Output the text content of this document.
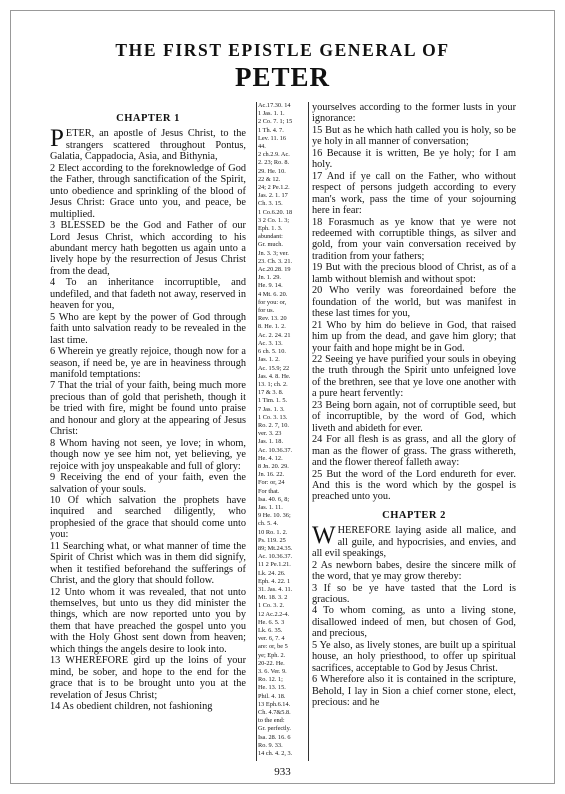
THE FIRST EPISTLE GENERAL OF
PETER
CHAPTER 1
P ETER, an apostle of Jesus Christ, to the strangers scattered throughout Pontus, Galatia, Cappadocia, Asia, and Bithynia,

2 Elect according to the foreknowledge of God the Father, through sanctification of the Spirit, unto obedience and sprinkling of the blood of Jesus Christ: Grace unto you, and peace, be multiplied.

3 BLESSED be the God and Father of our Lord Jesus Christ, which according to his abundant mercy hath begotten us again unto a lively hope by the resurrection of Jesus Christ from the dead,

4 To an inheritance incorruptible, and undefiled, and that fadeth not away, reserved in heaven for you,

5 Who are kept by the power of God through faith unto salvation ready to be revealed in the last time.

6 Wherein ye greatly rejoice, though now for a season, if need be, ye are in heaviness through manifold temptations:

7 That the trial of your faith, being much more precious than of gold that perisheth, though it be tried with fire, might be found unto praise and honour and glory at the appearing of Jesus Christ:

8 Whom having not seen, ye love; in whom, though now ye see him not, yet believing, ye rejoice with joy unspeakable and full of glory:

9 Receiving the end of your faith, even the salvation of your souls.

10 Of which salvation the prophets have inquired and searched diligently, who prophesied of the grace that should come unto you:

11 Searching what, or what manner of time the Spirit of Christ which was in them did signify, when it testified beforehand the sufferings of Christ, and the glory that should follow.

12 Unto whom it was revealed, that not unto themselves, but unto us they did minister the things, which are now reported unto you by them that have preached the gospel unto you with the Holy Ghost sent down from heaven; which things the angels desire to look into.

13 WHEREFORE gird up the loins of your mind, be sober, and hope to the end for the grace that is to be brought unto you at the revelation of Jesus Christ;

14 As obedient children, not fashioning

Ac.17.30. 14
1 Jas. 1. 1.
2 Co. 7. 1; 15
1 Th. 4. 7.
Lev. 11. 16
44.
2 ch.2.9. Ac.
2. 23; Ro. 8.
29. He. 10.
22 & 12.
24; 2 Pe.1.2.
Jas. 2. 1. 17
Ch. 3. 15.
1 Co.6.20. 18
3 2 Co. 1. 3;
Eph. 1. 3.
abundant:
Gr. much.
Jn. 3. 3; ver.
23. Ch. 3. 21.
Ac.20.28. 19
Jn. 1. 29.
He. 9. 14.
4 Mt. 6. 20.
for you: or,
for us.
Rev. 13. 20
8. He. 1. 2.
Ac. 2. 24. 21
Ac. 3. 13.
6 ch. 5. 10.
Jas. 1. 2.
Ac. 15.9; 22
Jas. 4. 8. He.
13. 1; ch. 2.
17 & 3. 8.
1 Tim. 1. 5.
7 Jas. 1. 3.
1 Co. 3. 13.
Ro. 2. 7, 10.
ver. 3. 23
Jas. 1. 18.
Ac. 10.36.37.
He. 4. 12.
8 Jn. 20. 29.
Jn. 16. 22.
For: or, 24
For that.
Isa. 40. 6, 8;
Jas. 1. 11.
9 He. 10. 36;
ch. 5. 4.
10 Ro. 1. 2.
Ps. 119. 25
89; Mt.24.35.
Ac. 10.36.37.
11 2 Pe.1.21.
Lk. 24. 26.
Eph. 4. 22. 1
31. Jas. 4. 11.
Mt. 18. 3. 2
1 Co. 3. 2.
12 Ac.2.2-4.
He. 6. 5. 3
Lk. 6. 35.
ver. 6, 7. 4
are: or, be 5
ye; Eph. 2.
20-22. He.
3. 6. Ver. 9.
Ro. 12. 1;
He. 13. 15.
Phil. 4. 18.
13 Eph.6.14.
Ch. 4.7&5.8.
to the end:
Gr. perfectly.
Isa. 28. 16. 6
Ro. 9. 33.
14 ch. 4. 2, 3.

yourselves according to the former lusts in your ignorance:

15 But as he which hath called you is holy, so be ye holy in all manner of conversation;

16 Because it is written, Be ye holy; for I am holy.

17 And if ye call on the Father, who without respect of persons judgeth according to every man's work, pass the time of your sojourning here in fear:

18 Forasmuch as ye know that ye were not redeemed with corruptible things, as silver and gold, from your vain conversation received by tradition from your fathers;

19 But with the precious blood of Christ, as of a lamb without blemish and without spot:

20 Who verily was foreordained before the foundation of the world, but was manifest in these last times for you,

21 Who by him do believe in God, that raised him up from the dead, and gave him glory; that your faith and hope might be in God.

22 Seeing ye have purified your souls in obeying the truth through the Spirit unto unfeigned love of the brethren, see that ye love one another with a pure heart fervently:

23 Being born again, not of corruptible seed, but of incorruptible, by the word of God, which liveth and abideth for ever.

24 For all flesh is as grass, and all the glory of man as the flower of grass. The grass withereth, and the flower thereof falleth away:

25 But the word of the Lord endureth for ever. And this is the word which by the gospel is preached unto you.

CHAPTER 2
W HEREFORE laying aside all malice, and all guile, and hypocrisies, and envies, and all evil speakings,

2 As newborn babes, desire the sincere milk of the word, that ye may grow thereby:

3 If so be ye have tasted that the Lord is gracious.

4 To whom coming, as unto a living stone, disallowed indeed of men, but chosen of God, and precious,

5 Ye also, as lively stones, are built up a spiritual house, an holy priesthood, to offer up spiritual sacrifices, acceptable to God by Jesus Christ.

6 Wherefore also it is contained in the scripture, Behold, I lay in Sion a chief corner stone, elect, precious: and he

933
